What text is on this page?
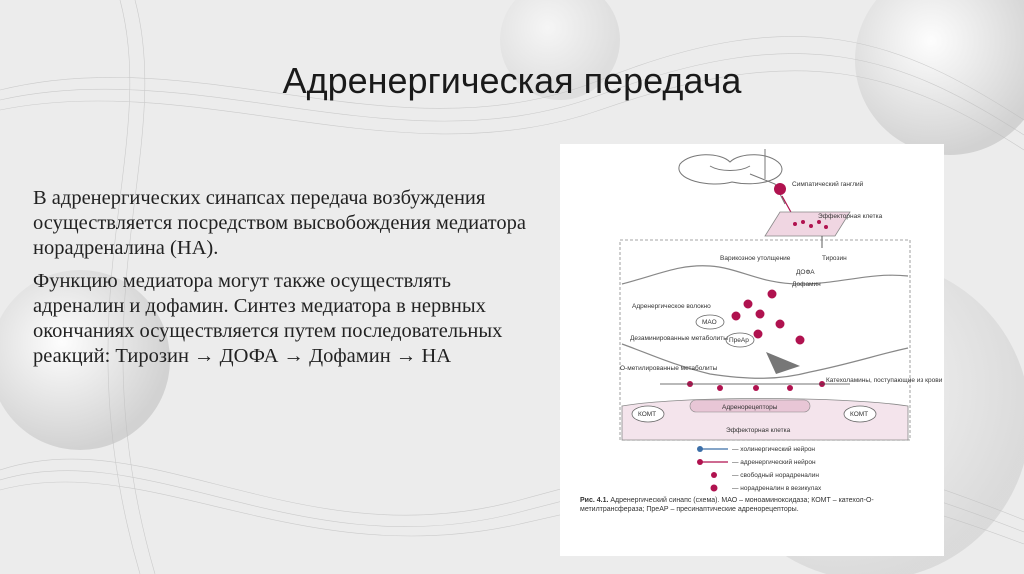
Адренергическая передача

В адренергических синапсах передача возбуждения осуществляется посредством высвобождения медиатора норадреналина (НА).

Функцию медиатора могут также осуществлять адреналин и дофамин. Синтез медиатора в нервных окончаниях осуществляется путем последовательных реакций: Тирозин → ДОФА → Дофамин → НА

Симпатический ганглий
Эффекторная клетка
Варикозное утолщение	Тирозин
ДОФА
Дофамин
Адренергическое волокно
МАО
ПреАр
Дезаминированные метаболиты
О-метилированные метаболиты
Катехоламины, поступающие из крови
Адренорецепторы
КОМТ	КОМТ
Эффекторная клетка
— холинергический нейрон
— адренергический нейрон
— свободный норадреналин
— норадреналин в везикулах
Рис. 4.1. Адренергический синапс (схема). МАО – моноаминоксидаза; КОМТ – катехол-О-метилтрансфераза; ПреАР – пресинаптические адренорецепторы.
